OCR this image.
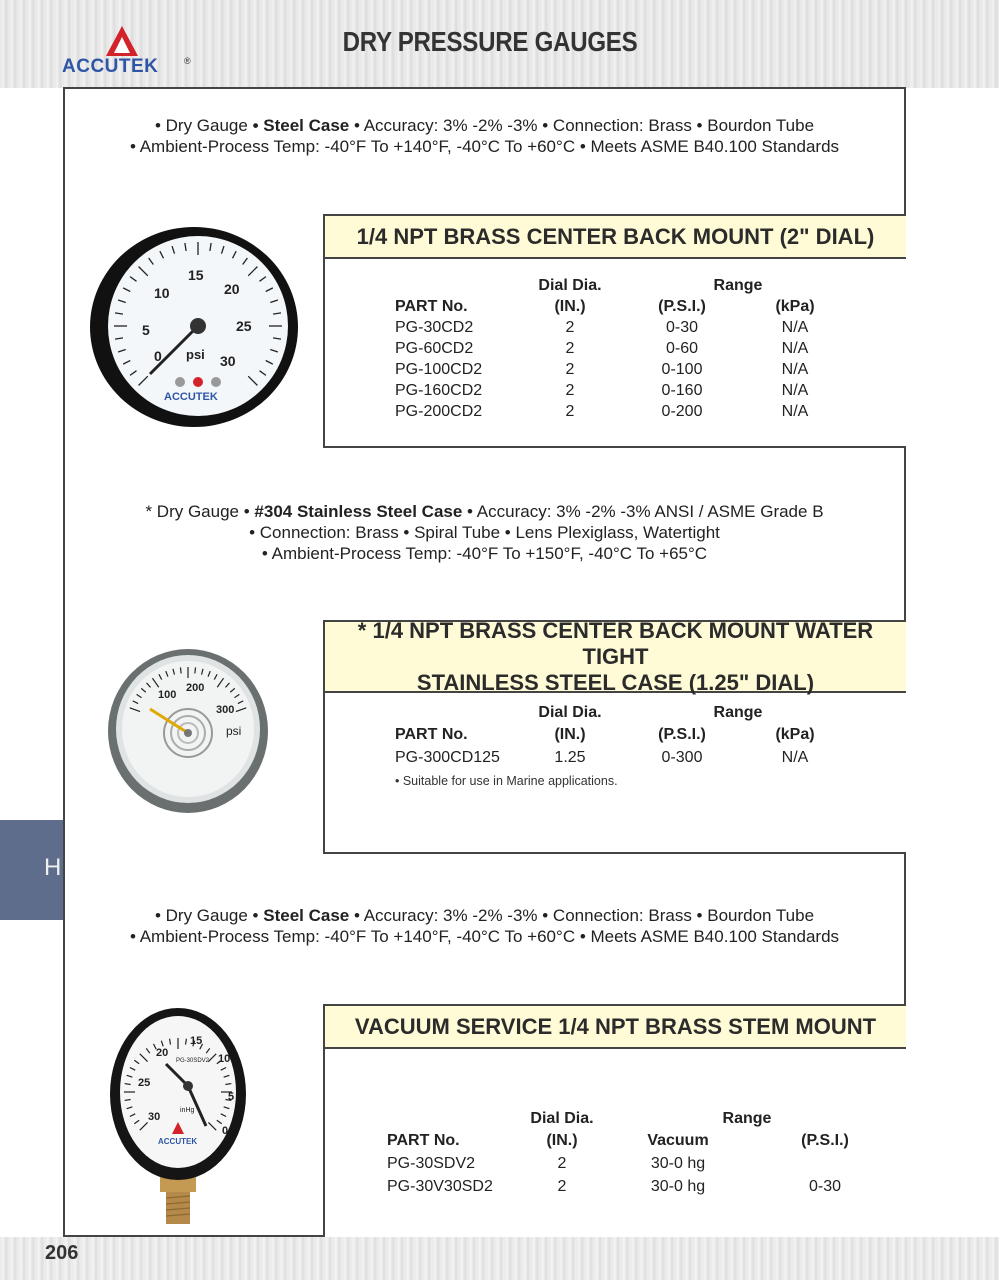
ACCUTEK	®
DRY PRESSURE GAUGES
• Dry Gauge • Steel Case • Accuracy: 3% -2% -3% • Connection: Brass • Bourdon Tube
• Ambient-Process Temp: -40°F To +140°F, -40°C To +60°C • Meets ASME B40.100 Standards
0
5
10
15
20
25
30
psi
ACCUTEK
1/4 NPT BRASS CENTER BACK MOUNT (2" DIAL)
Dial Dia.	Range
PART No.	(IN.)	(P.S.I.)	(kPa)
PG-30CD2	2	0-30	N/A
PG-60CD2	2	0-60	N/A
PG-100CD2	2	0-100	N/A
PG-160CD2	2	0-160	N/A
PG-200CD2	2	0-200	N/A
* Dry Gauge • #304 Stainless Steel Case • Accuracy: 3% -2% -3% ANSI / ASME Grade B
• Connection: Brass • Spiral Tube • Lens Plexiglass, Watertight
• Ambient-Process Temp: -40°F To +150°F, -40°C To +65°C
100
200
300
psi
* 1/4 NPT BRASS CENTER BACK MOUNT WATER TIGHT
STAINLESS STEEL CASE (1.25" DIAL)
Dial Dia.	Range
PART No.	(IN.)	(P.S.I.)	(kPa)
PG-300CD125	1.25	0-300	N/A
• Suitable for use in Marine applications.
H
• Dry Gauge • Steel Case • Accuracy: 3% -2% -3% • Connection: Brass • Bourdon Tube
• Ambient-Process Temp: -40°F To +140°F, -40°C To +60°C • Meets ASME B40.100 Standards
0
5
10
15
20
25
30
inHg
PG-30SDV2
ACCUTEK
VACUUM SERVICE 1/4 NPT BRASS STEM MOUNT
Dial Dia.	Range
PART No.	(IN.)	Vacuum	(P.S.I.)
PG-30SDV2	2	30-0 hg
PG-30V30SD2	2	30-0 hg	0-30
206
